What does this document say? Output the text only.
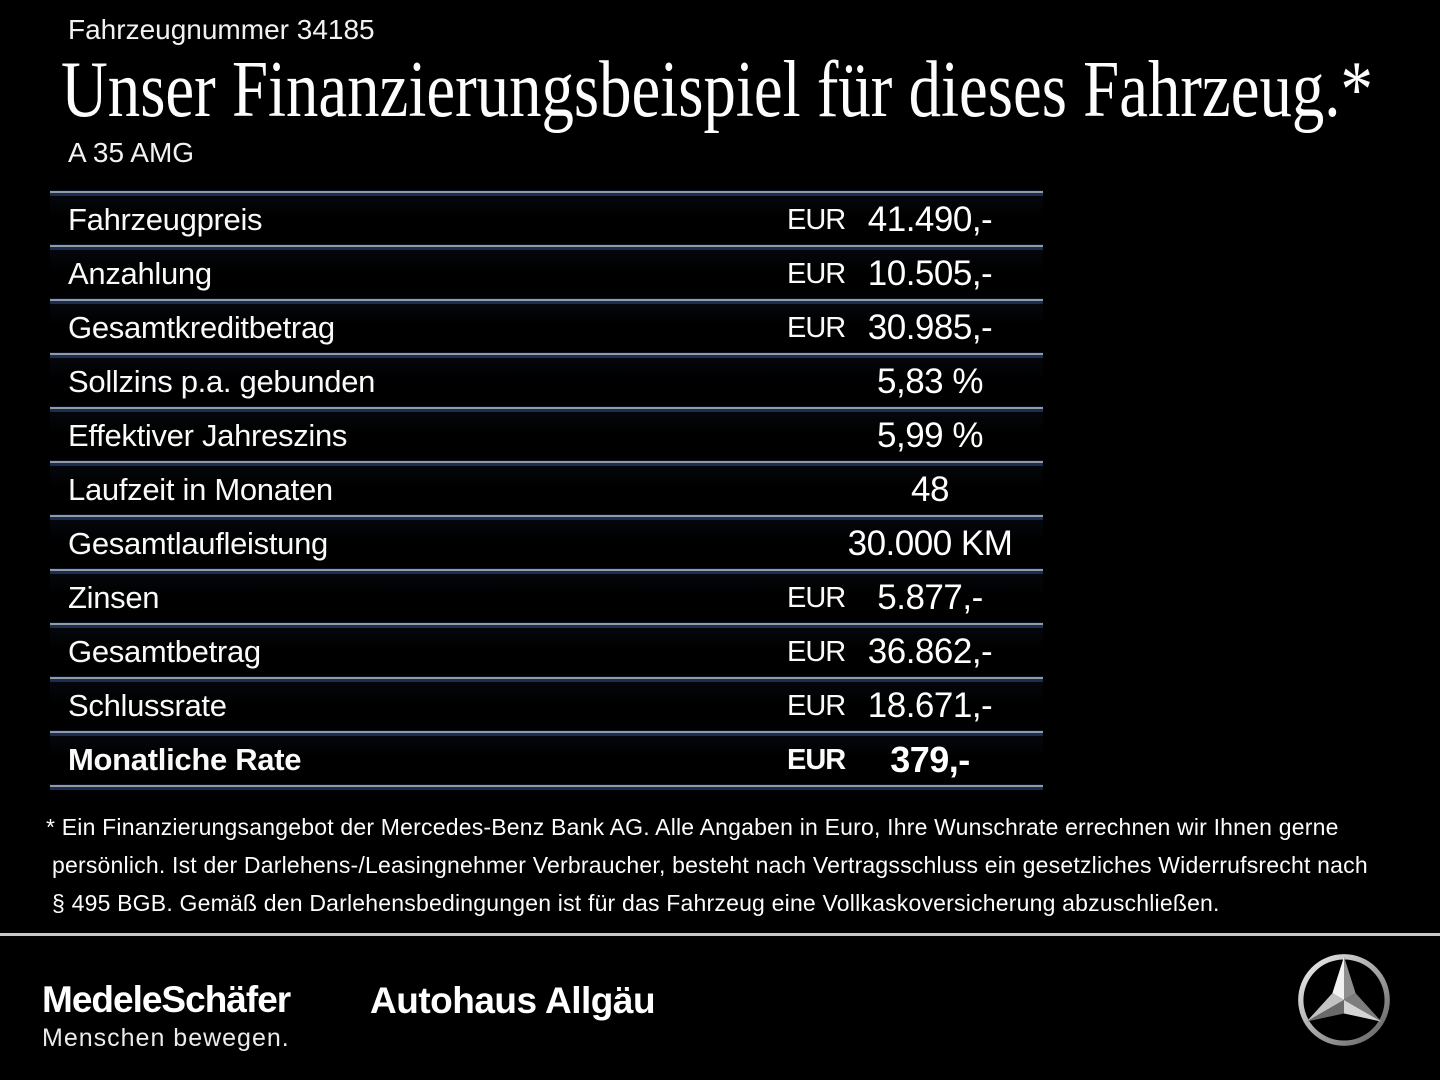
Fahrzeugnummer 34185
Unser Finanzierungsbeispiel für dieses Fahrzeug.*
A 35 AMG
Fahrzeugpreis	EUR 41.490,-
Anzahlung	EUR 10.505,-
Gesamtkreditbetrag	EUR 30.985,-
Sollzins p.a. gebunden	5,83 %
Effektiver Jahreszins	5,99 %
Laufzeit in Monaten	48
Gesamtlaufleistung	30.000 KM
Zinsen	EUR 5.877,-
Gesamtbetrag	EUR 36.862,-
Schlussrate	EUR 18.671,-
Monatliche Rate	EUR	379,-
* Ein Finanzierungsangebot der Mercedes-Benz Bank AG. Alle Angaben in Euro, Ihre Wunschrate errechnen wir Ihnen gerne
persönlich. Ist der Darlehens-/Leasingnehmer Verbraucher, besteht nach Vertragsschluss ein gesetzliches Widerrufsrecht nach
§ 495 BGB. Gemäß den Darlehensbedingungen ist für das Fahrzeug eine Vollkaskoversicherung abzuschließen.
MedeleSchäfer
Menschen bewegen.
Autohaus Allgäu
